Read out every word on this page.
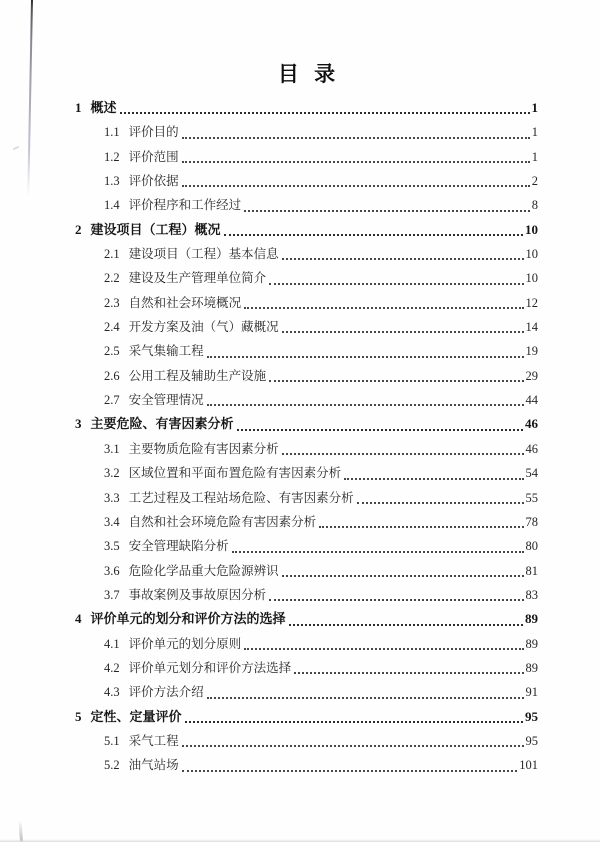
目 录
1 概述	1
1.1 评价目的	1
1.2 评价范围	1
1.3 评价依据	2
1.4 评价程序和工作经过	8
2 建设项目（工程）概况	10
2.1 建设项目（工程）基本信息	10
2.2 建设及生产管理单位简介	10
2.3 自然和社会环境概况	12
2.4 开发方案及油（气）藏概况	14
2.5 采气集输工程	19
2.6 公用工程及辅助生产设施	29
2.7 安全管理情况	44
3 主要危险、有害因素分析	46
3.1 主要物质危险有害因素分析	46
3.2 区域位置和平面布置危险有害因素分析	54
3.3 工艺过程及工程站场危险、有害因素分析	55
3.4 自然和社会环境危险有害因素分析	78
3.5 安全管理缺陷分析	80
3.6 危险化学品重大危险源辨识	81
3.7 事故案例及事故原因分析	83
4 评价单元的划分和评价方法的选择	89
4.1 评价单元的划分原则	89
4.2 评价单元划分和评价方法选择	89
4.3 评价方法介绍	91
5 定性、定量评价	95
5.1 采气工程	95
5.2 油气站场	101
